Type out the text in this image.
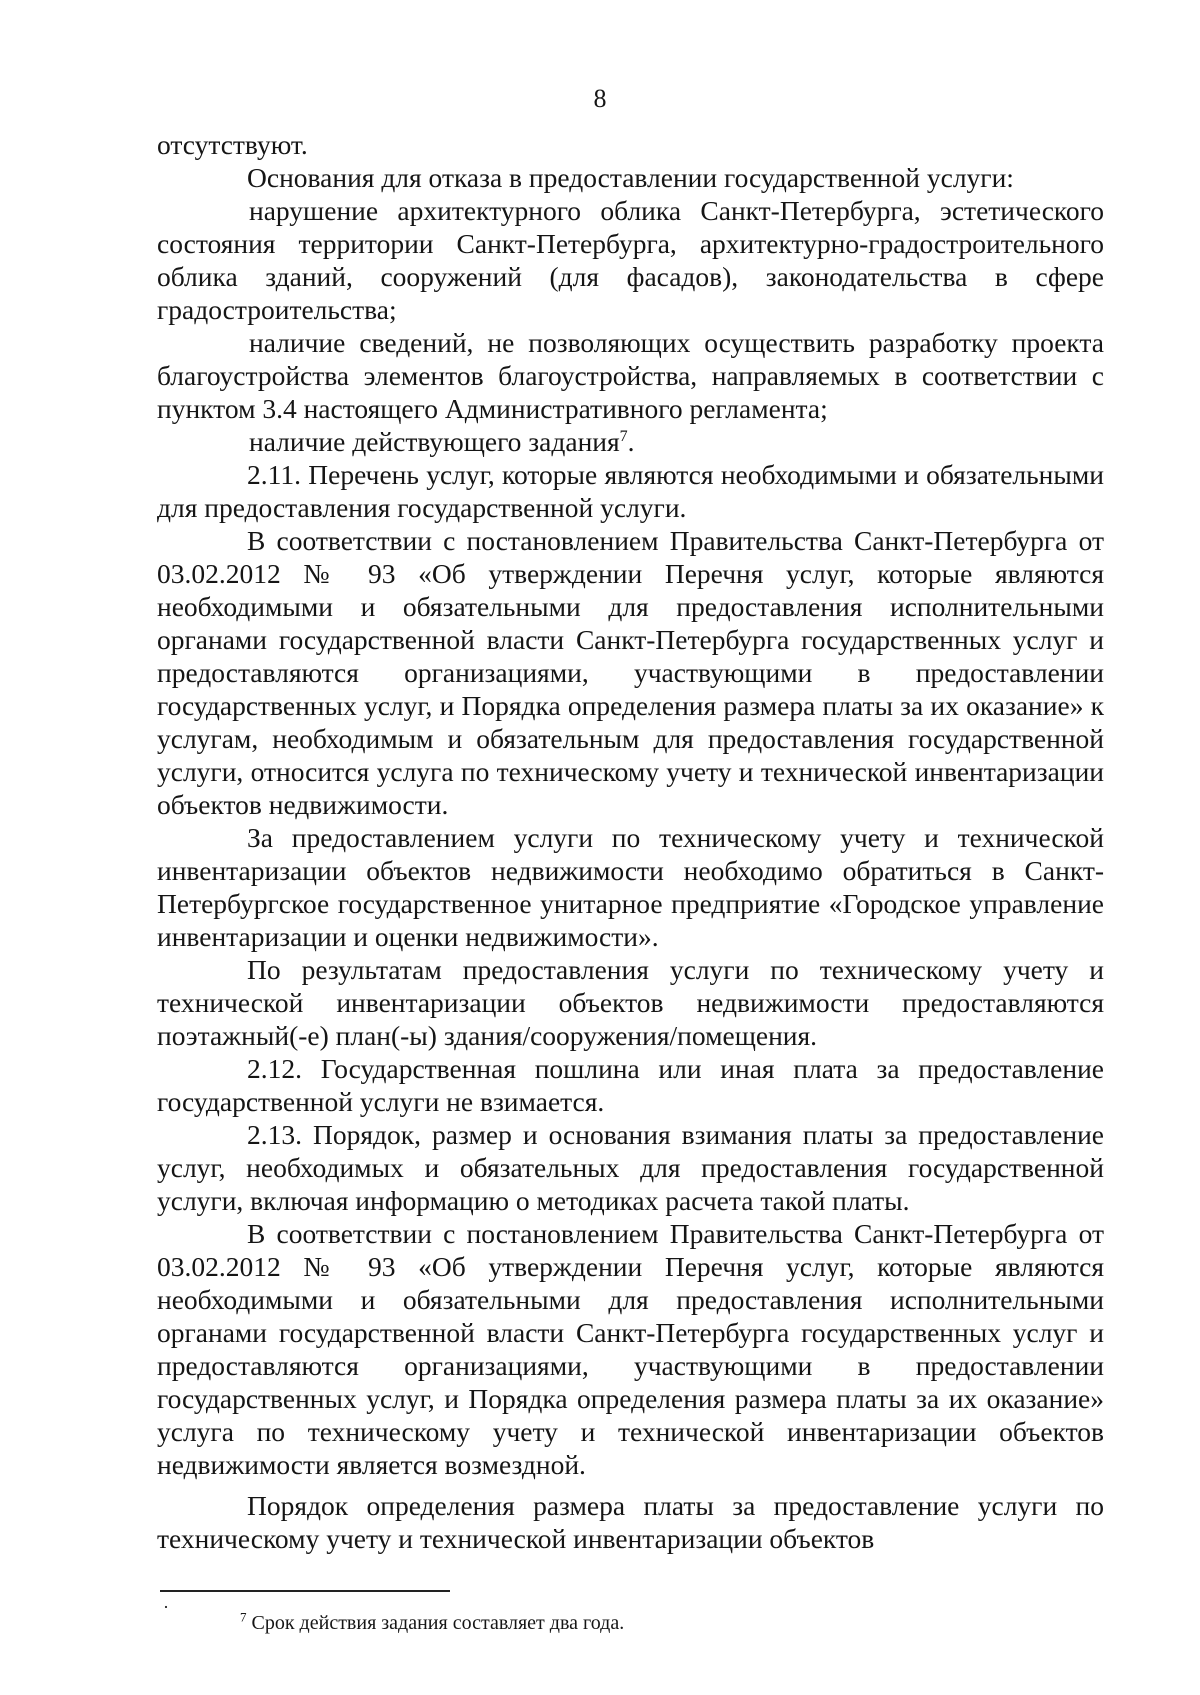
8

отсутствуют.

Основания для отказа в предоставлении государственной услуги:

нарушение архитектурного облика Санкт-Петербурга, эстетического состояния территории Санкт-Петербурга, архитектурно-градостроительного облика зданий, сооружений (для фасадов), законодательства в сфере градостроительства;

наличие сведений, не позволяющих осуществить разработку проекта благоустройства элементов благоустройства, направляемых в соответствии с пунктом 3.4 настоящего Административного регламента;

наличие действующего задания$^7$.

2.11. Перечень услуг, которые являются необходимыми и обязательными для предоставления государственной услуги.

В соответствии с постановлением Правительства Санкт-Петербурга от 03.02.2012 № 93 «Об утверждении Перечня услуг, которые являются необходимыми и обязательными для предоставления исполнительными органами государственной власти Санкт-Петербурга государственных услуг и предоставляются организациями, участвующими в предоставлении государственных услуг, и Порядка определения размера платы за их оказание» к услугам, необходимым и обязательным для предоставления государственной услуги, относится услуга по техническому учету и технической инвентаризации объектов недвижимости.

За предоставлением услуги по техническому учету и технической инвентаризации объектов недвижимости необходимо обратиться в Санкт-Петербургское государственное унитарное предприятие «Городское управление инвентаризации и оценки недвижимости».

По результатам предоставления услуги по техническому учету и технической инвентаризации объектов недвижимости предоставляются поэтажный(-е) план(-ы) здания/сооружения/помещения.

2.12. Государственная пошлина или иная плата за предоставление государственной услуги не взимается.

2.13. Порядок, размер и основания взимания платы за предоставление услуг, необходимых и обязательных для предоставления государственной услуги, включая информацию о методиках расчета такой платы.

В соответствии с постановлением Правительства Санкт-Петербурга от 03.02.2012 № 93 «Об утверждении Перечня услуг, которые являются необходимыми и обязательными для предоставления исполнительными органами государственной власти Санкт-Петербурга государственных услуг и предоставляются организациями, участвующими в предоставлении государственных услуг, и Порядка определения размера платы за их оказание» услуга по техническому учету и технической инвентаризации объектов недвижимости является возмездной.

Порядок определения размера платы за предоставление услуги по техническому учету и технической инвентаризации объектов

·	$^7$ Срок действия задания составляет два года.
